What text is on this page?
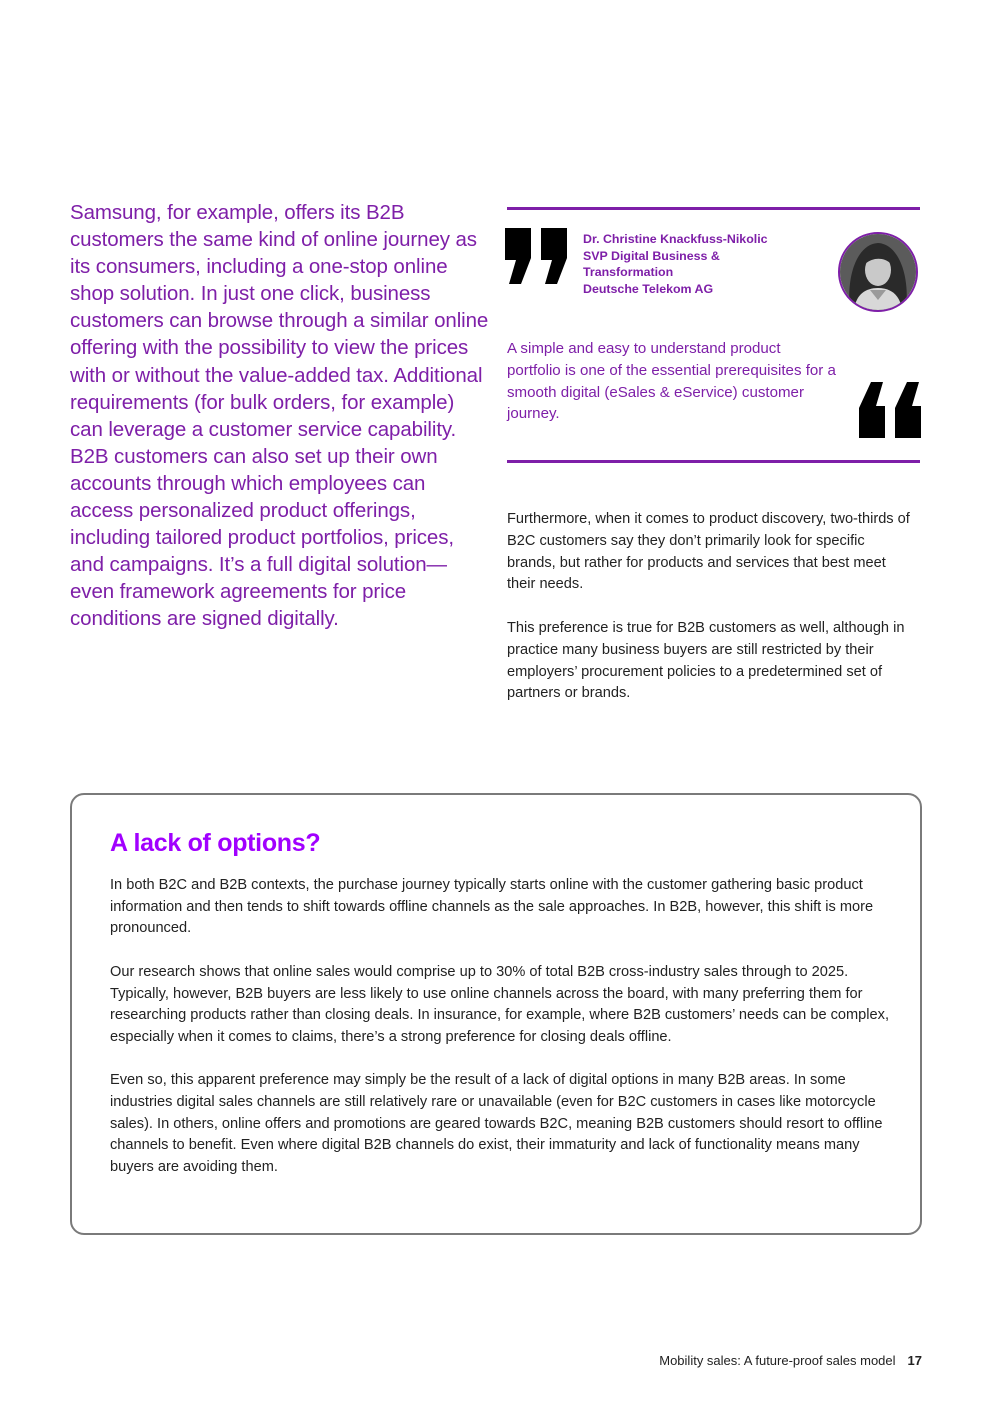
Samsung, for example, offers its B2B customers the same kind of online journey as its consumers, including a one-stop online shop solution. In just one click, business customers can browse through a similar online offering with the possibility to view the prices with or without the value-added tax. Additional requirements (for bulk orders, for example) can leverage a customer service capability. B2B customers can also set up their own accounts through which employees can access personalized product offerings, including tailored product portfolios, prices, and campaigns. It’s a full digital solution—even framework agreements for price conditions are signed digitally.

Dr. Christine Knackfuss-Nikolic
SVP Digital Business &
Transformation
Deutsche Telekom AG

A simple and easy to understand product portfolio is one of the essential prerequisites for a smooth digital (eSales & eService) customer journey.

Furthermore, when it comes to product discovery, two-thirds of B2C customers say they don’t primarily look for specific brands, but rather for products and services that best meet their needs.

This preference is true for B2B customers as well, although in practice many business buyers are still restricted by their employers’ procurement policies to a predetermined set of partners or brands.

A lack of options?

In both B2C and B2B contexts, the purchase journey typically starts online with the customer gathering basic product information and then tends to shift towards offline channels as the sale approaches. In B2B, however, this shift is more pronounced.

Our research shows that online sales would comprise up to 30% of total B2B cross-industry sales through to 2025. Typically, however, B2B buyers are less likely to use online channels across the board, with many preferring them for researching products rather than closing deals. In insurance, for example, where B2B customers’ needs can be complex, especially when it comes to claims, there’s a strong preference for closing deals offline.

Even so, this apparent preference may simply be the result of a lack of digital options in many B2B areas. In some industries digital sales channels are still relatively rare or unavailable (even for B2C customers in cases like motorcycle sales). In others, online offers and promotions are geared towards B2C, meaning B2B customers should resort to offline channels to benefit. Even where digital B2B channels do exist, their immaturity and lack of functionality means many buyers are avoiding them.

Mobility sales: A future-proof sales model 17
